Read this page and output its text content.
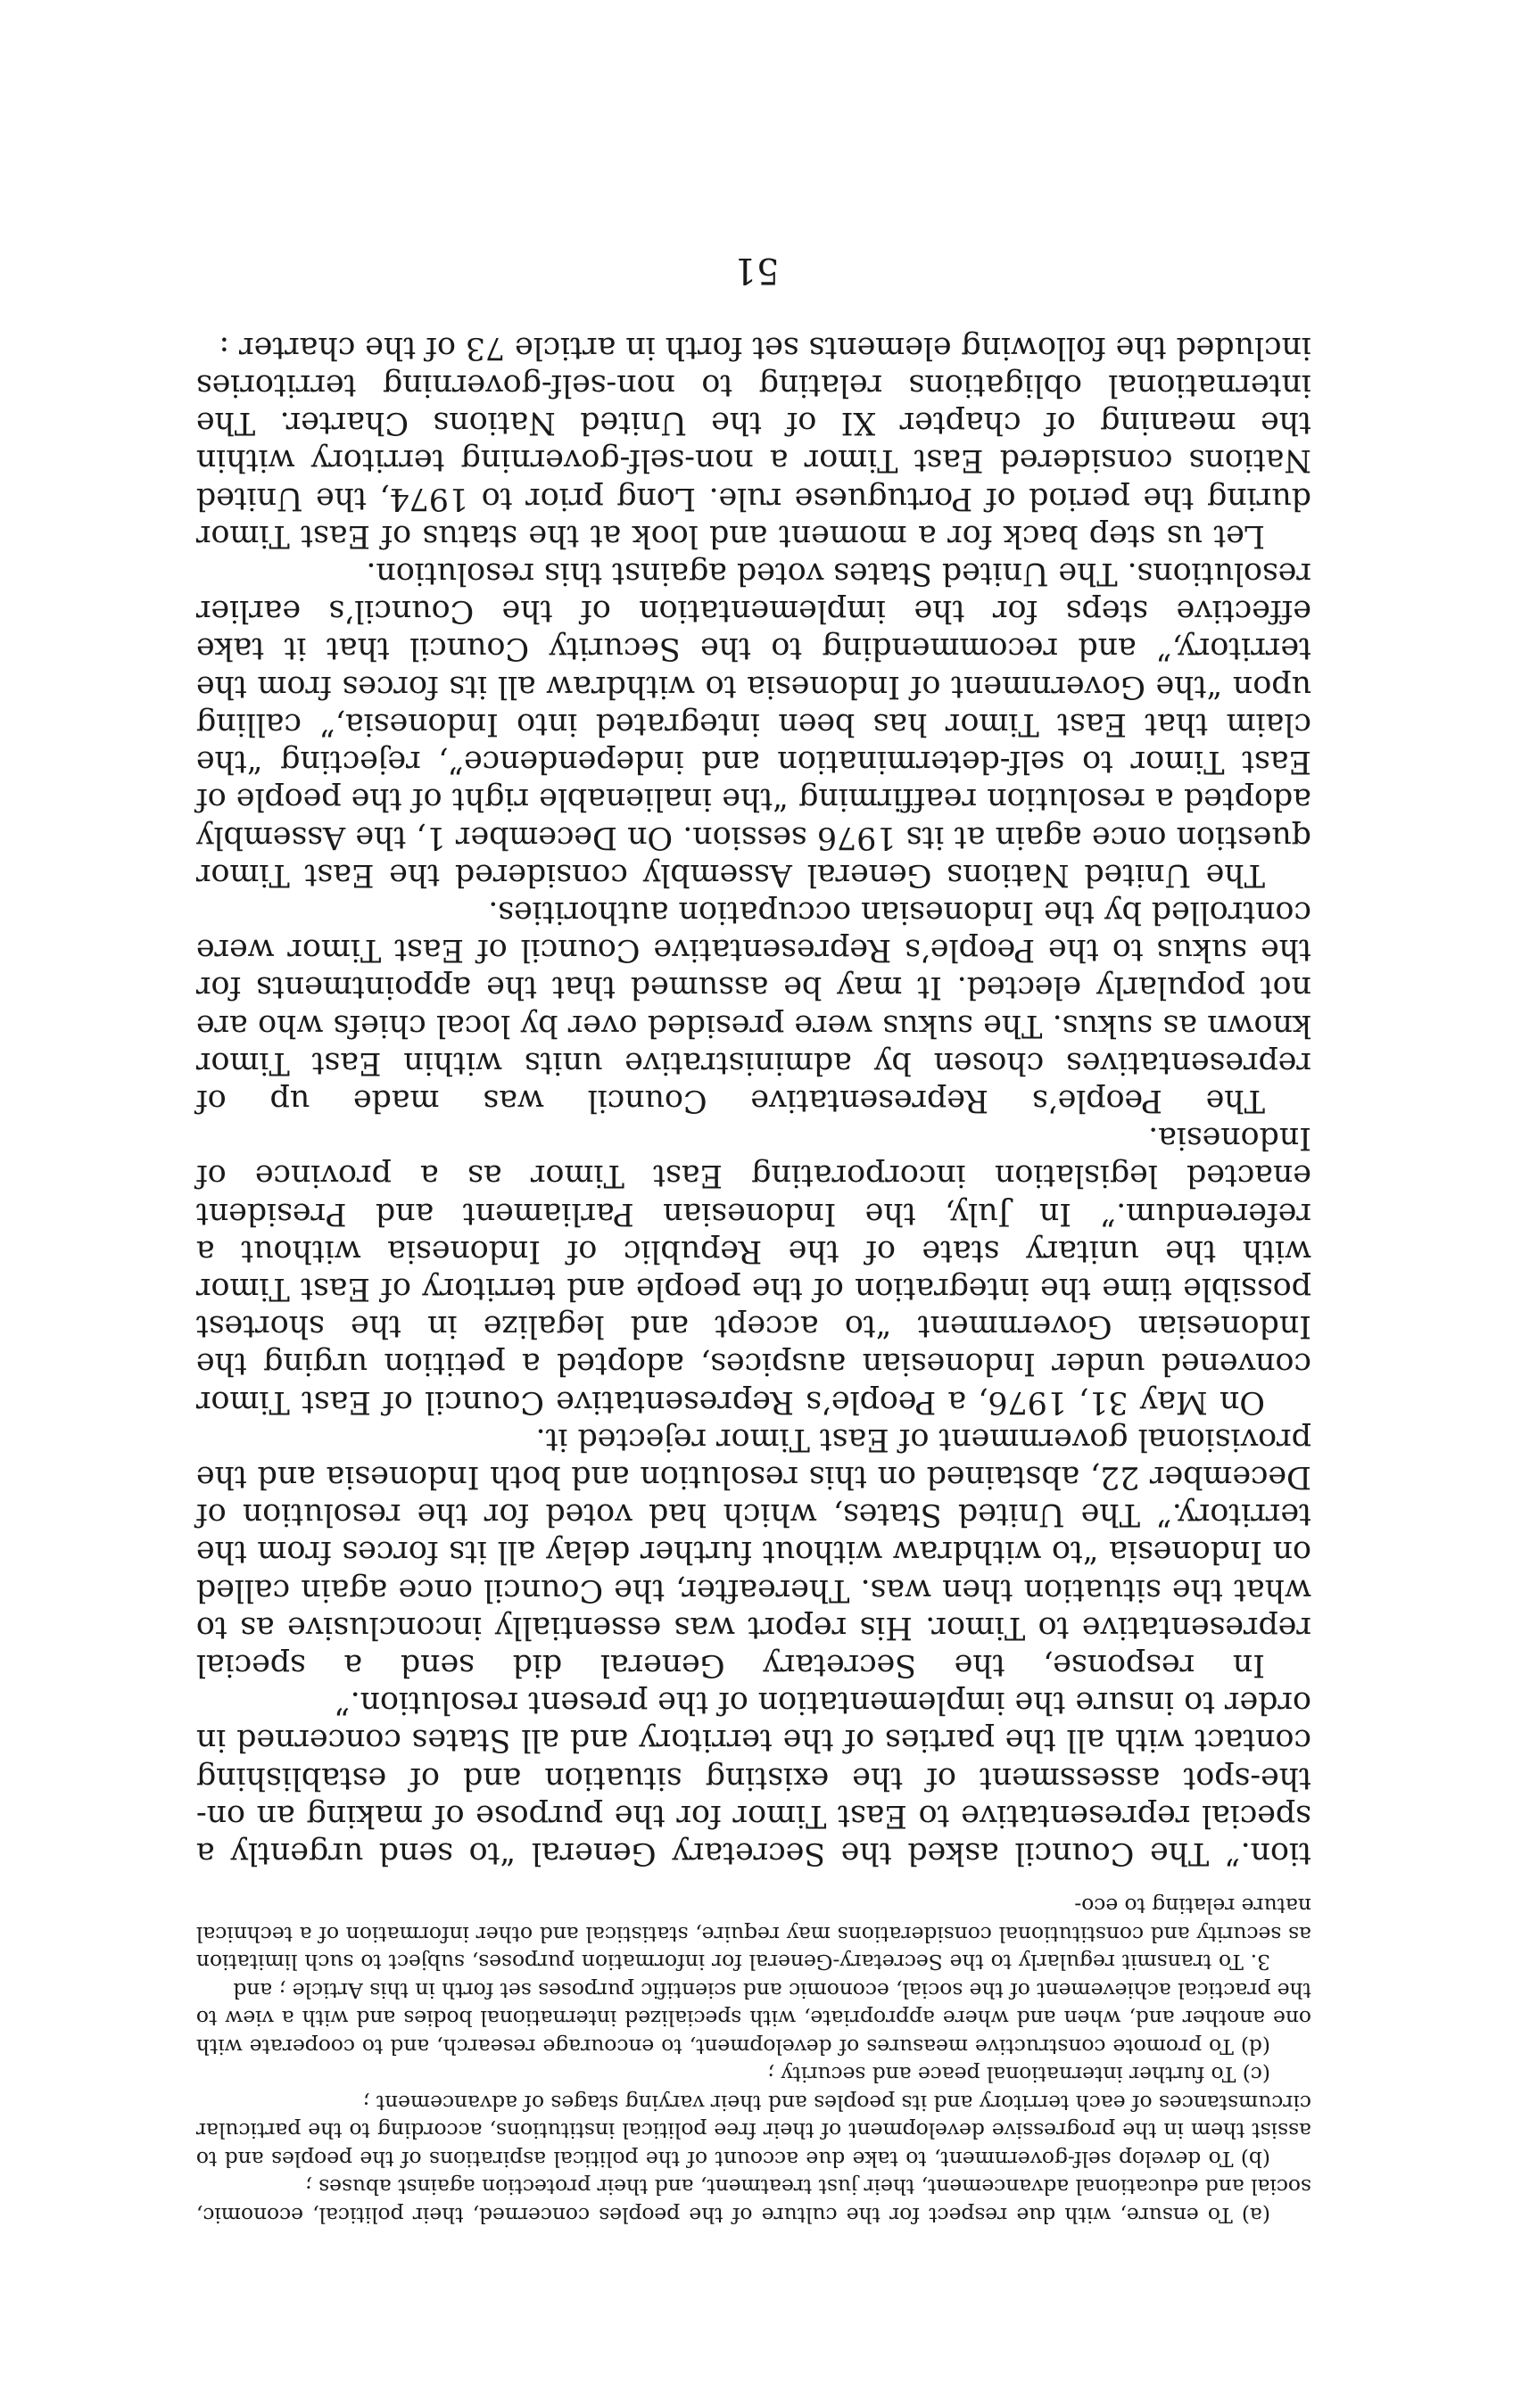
(a) To ensure, with due respect for the culture of the peoples concerned, their political, economic, social and educational advancement, their just treatment, and their protection against abuses ;

(b) To develop self-government, to take due account of the political aspirations of the peoples and to assist them in the progressive development of their free political institutions, according to the particular circumstances of each territory and its peoples and their varying stages of advancement ;

(c) To further international peace and security ;

(d) To promote constructive measures of development, to encourage research, and to cooperate with one another and, when and where appropriate, with specialized international bodies and with a view to the practical achievement of the social, economic and scientific purposes set forth in this Article ; and

3. To transmit regularly to the Secretary-General for information purposes, subject to such limitation as security and constitutional considerations may require, statistical and other information of a technical nature relating to eco-

tion.” The Council asked the Secretary General “to send urgently a special representative to East Timor for the purpose of making an on-the-spot assessment of the existing situation and of establishing contact with all the parties of the territory and all States concerned in order to insure the implementation of the present resolution.”

In response, the Secretary General did send a special representative to Timor. His report was essentially inconclusive as to what the situation then was. Thereafter, the Council once again called on Indonesia “to withdraw without further delay all its forces from the territory.” The United States, which had voted for the resolution of December 22, abstained on this resolution and both Indonesia and the provisional government of East Timor rejected it.

On May 31, 1976, a People’s Representative Council of East Timor convened under Indonesian auspices, adopted a petition urging the Indonesian Government “to accept and legalize in the shortest possible time the integration of the people and territory of East Timor with the unitary state of the Republic of Indonesia without a referendum.” In July, the Indonesian Parliament and President enacted legislation incorporating East Timor as a province of Indonesia.

The People’s Representative Council was made up of representatives chosen by administrative units within East Timor known as sukus. The sukus were presided over by local chiefs who are not popularly elected. It may be assumed that the appointments for the sukus to the People’s Representative Council of East Timor were controlled by the Indonesian occupation authorities.

The United Nations General Assembly considered the East Timor question once again at its 1976 session. On December 1, the Assembly adopted a resolution reaffirming “the inalienable right of the people of East Timor to self-determination and independence”, rejecting “the claim that East Timor has been integrated into Indonesia,” calling upon “the Government of Indonesia to withdraw all its forces from the territory,” and recommending to the Security Council that it take effective steps for the implementation of the Council’s earlier resolutions. The United States voted against this resolution.

Let us step back for a moment and look at the status of East Timor during the period of Portuguese rule. Long prior to 1974, the United Nations considered East Timor a non-self-governing territory within the meaning of chapter XI of the United Nations Charter. The international obligations relating to non-self-governing territories included the following elements set forth in article 73 of the charter :

51
